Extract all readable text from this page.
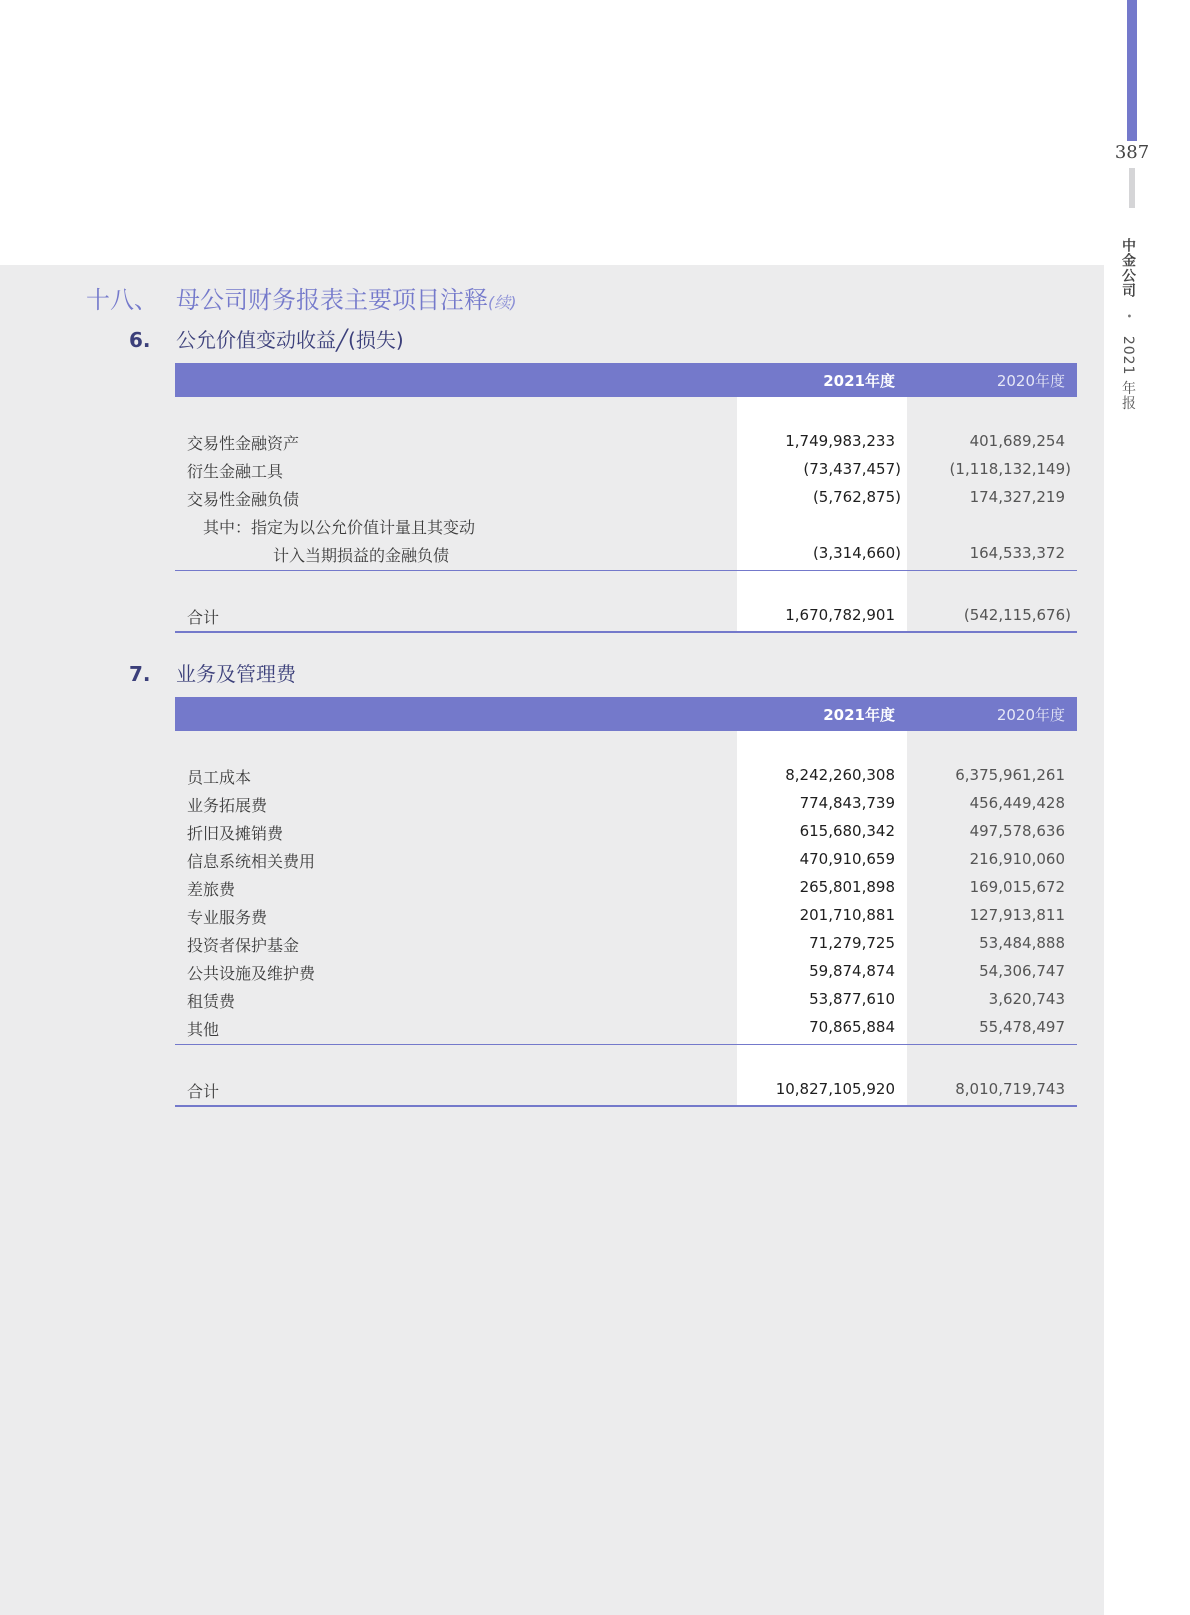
387
中金公司 • 2021 年报
十八、 母公司财务报表主要项目注释(续)
6. 公允价值变动收益╱(损失)
2021年度	2020年度
交易性金融资产	1,749,983,233	401,689,254
衍生金融工具	(73,437,457)	(1,118,132,149)
交易性金融负债	(5,762,875)	174,327,219
其中：指定为以公允价值计量且其变动
计入当期损益的金融负债	(3,314,660)	164,533,372
合计	1,670,782,901	(542,115,676)
7. 业务及管理费
2021年度	2020年度
员工成本	8,242,260,308	6,375,961,261
业务拓展费	774,843,739	456,449,428
折旧及摊销费	615,680,342	497,578,636
信息系统相关费用	470,910,659	216,910,060
差旅费	265,801,898	169,015,672
专业服务费	201,710,881	127,913,811
投资者保护基金	71,279,725	53,484,888
公共设施及维护费	59,874,874	54,306,747
租赁费	53,877,610	3,620,743
其他	70,865,884	55,478,497
合计	10,827,105,920	8,010,719,743
